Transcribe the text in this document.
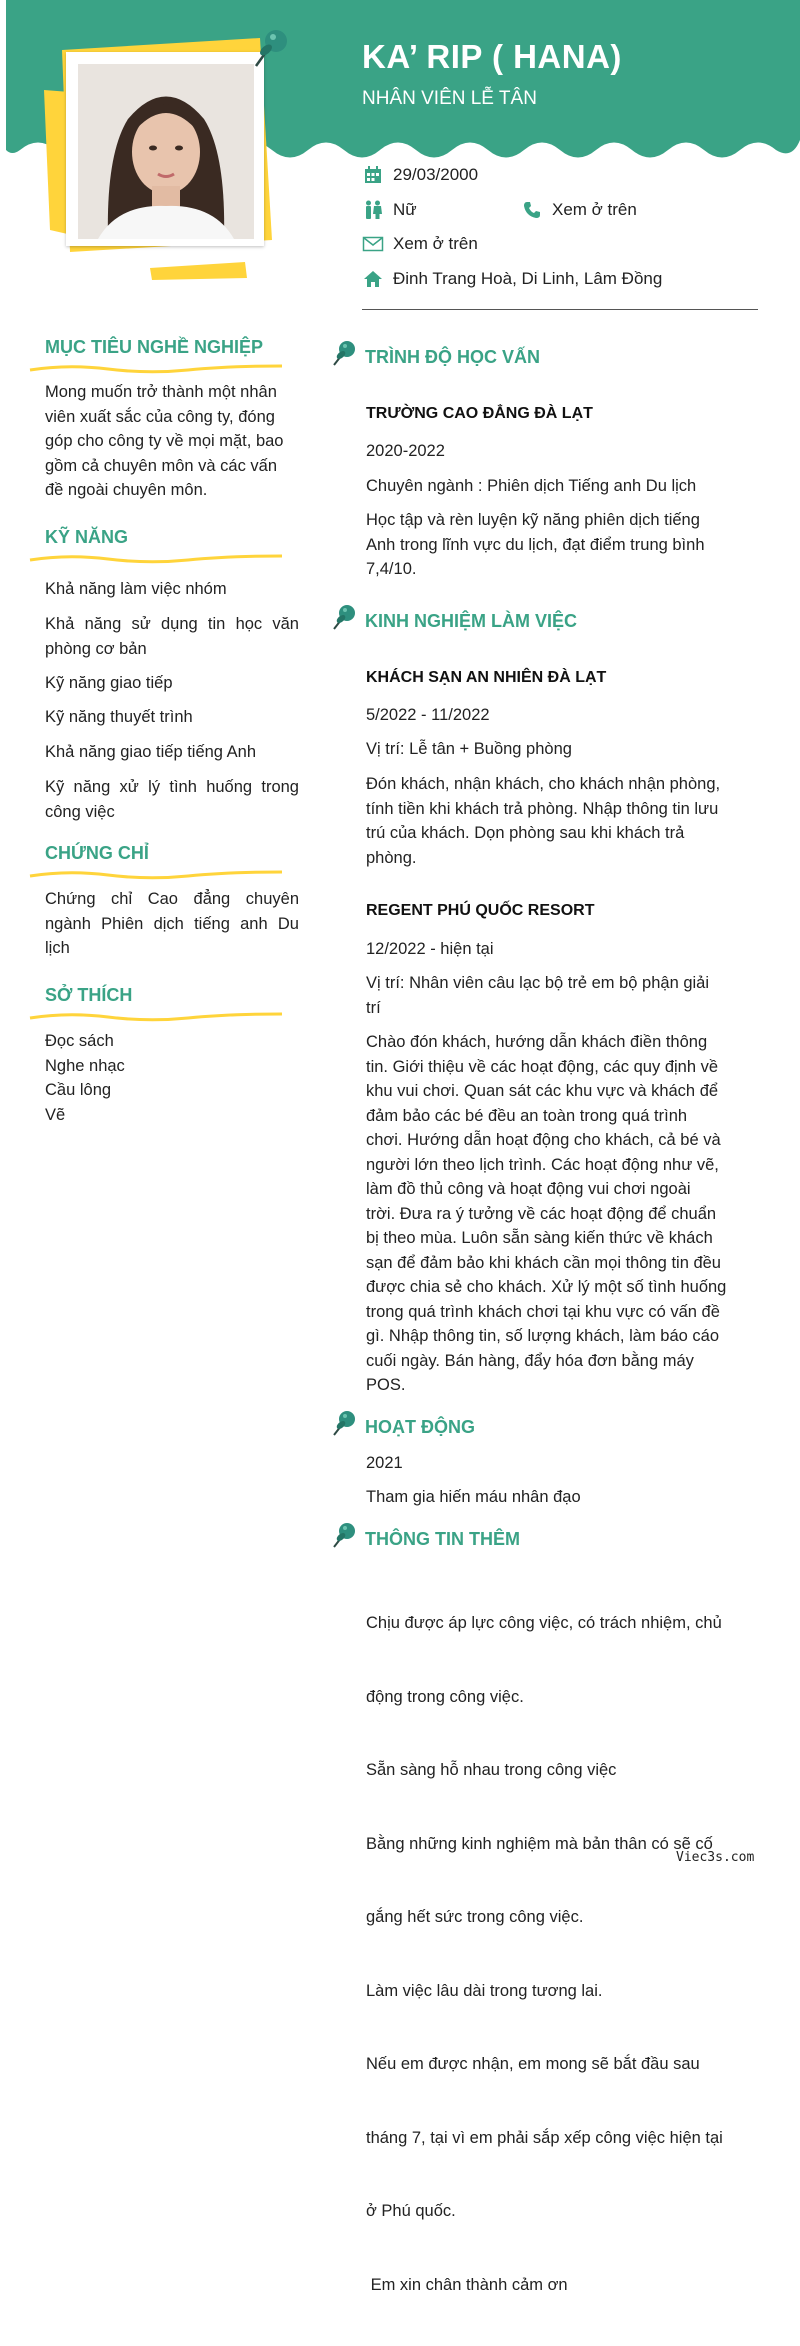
KA’ RIP ( HANA)
NHÂN VIÊN LỄ TÂN
29/03/2000
Nữ	Xem ở trên
Xem ở trên
Đinh Trang Hoà, Di Linh, Lâm Đồng
MỤC TIÊU NGHỀ NGHIỆP
Mong muốn trở thành một nhân
viên xuất sắc của công ty, đóng
góp cho công ty về mọi mặt, bao
gồm cả chuyên môn và các vấn
đề ngoài chuyên môn.
KỸ NĂNG
Khả năng làm việc nhóm
Khả năng sử dụng tin học văn phòng cơ bản
Kỹ năng giao tiếp
Kỹ năng thuyết trình
Khả năng giao tiếp tiếng Anh
Kỹ năng xử lý tình huống trong công việc
CHỨNG CHỈ
Chứng chỉ Cao đẳng chuyên ngành Phiên dịch tiếng anh Du lịch
SỞ THÍCH
Đọc sách
Nghe nhạc
Cầu lông
Vẽ
TRÌNH ĐỘ HỌC VẤN
TRƯỜNG CAO ĐẲNG ĐÀ LẠT
2020-2022
Chuyên ngành : Phiên dịch Tiếng anh Du lịch
Học tập và rèn luyện kỹ năng phiên dịch tiếng
Anh trong lĩnh vực du lịch, đạt điểm trung bình
7,4/10.
KINH NGHIỆM LÀM VIỆC
KHÁCH SẠN AN NHIÊN ĐÀ LẠT
5/2022 - 11/2022
Vị trí: Lễ tân + Buồng phòng
Đón khách, nhận khách, cho khách nhận phòng,
tính tiền khi khách trả phòng. Nhập thông tin lưu
trú của khách. Dọn phòng sau khi khách trả
phòng.
REGENT PHÚ QUỐC RESORT
12/2022 - hiện tại
Vị trí: Nhân viên câu lạc bộ trẻ em bộ phận giải
trí
Chào đón khách, hướng dẫn khách điền thông
tin. Giới thiệu về các hoạt động, các quy định về
khu vui chơi. Quan sát các khu vực và khách để
đảm bảo các bé đều an toàn trong quá trình
chơi. Hướng dẫn hoạt động cho khách, cả bé và
người lớn theo lịch trình. Các hoạt động như vẽ,
làm đồ thủ công và hoạt động vui chơi ngoài
trời. Đưa ra ý tưởng về các hoạt động để chuẩn
bị theo mùa. Luôn sẵn sàng kiến thức về khách
sạn để đảm bảo khi khách cần mọi thông tin đều
được chia sẻ cho khách. Xử lý một số tình huống
trong quá trình khách chơi tại khu vực có vấn đề
gì. Nhập thông tin, số lượng khách, làm báo cáo
cuối ngày. Bán hàng, đẩy hóa đơn bằng máy
POS.
HOẠT ĐỘNG
2021
Tham gia hiến máu nhân đạo
THÔNG TIN THÊM

Chịu được áp lực công việc, có trách nhiệm, chủ

động trong công việc.

Sẵn sàng hỗ nhau trong công việc

Bằng những kinh nghiệm mà bản thân có sẽ cố

gắng hết sức trong công việc.

Làm việc lâu dài trong tương lai.

Nếu em được nhận, em mong sẽ bắt đầu sau

tháng 7, tại vì em phải sắp xếp công việc hiện tại

ở Phú quốc.

Em xin chân thành cảm ơn

Viec3s.com
